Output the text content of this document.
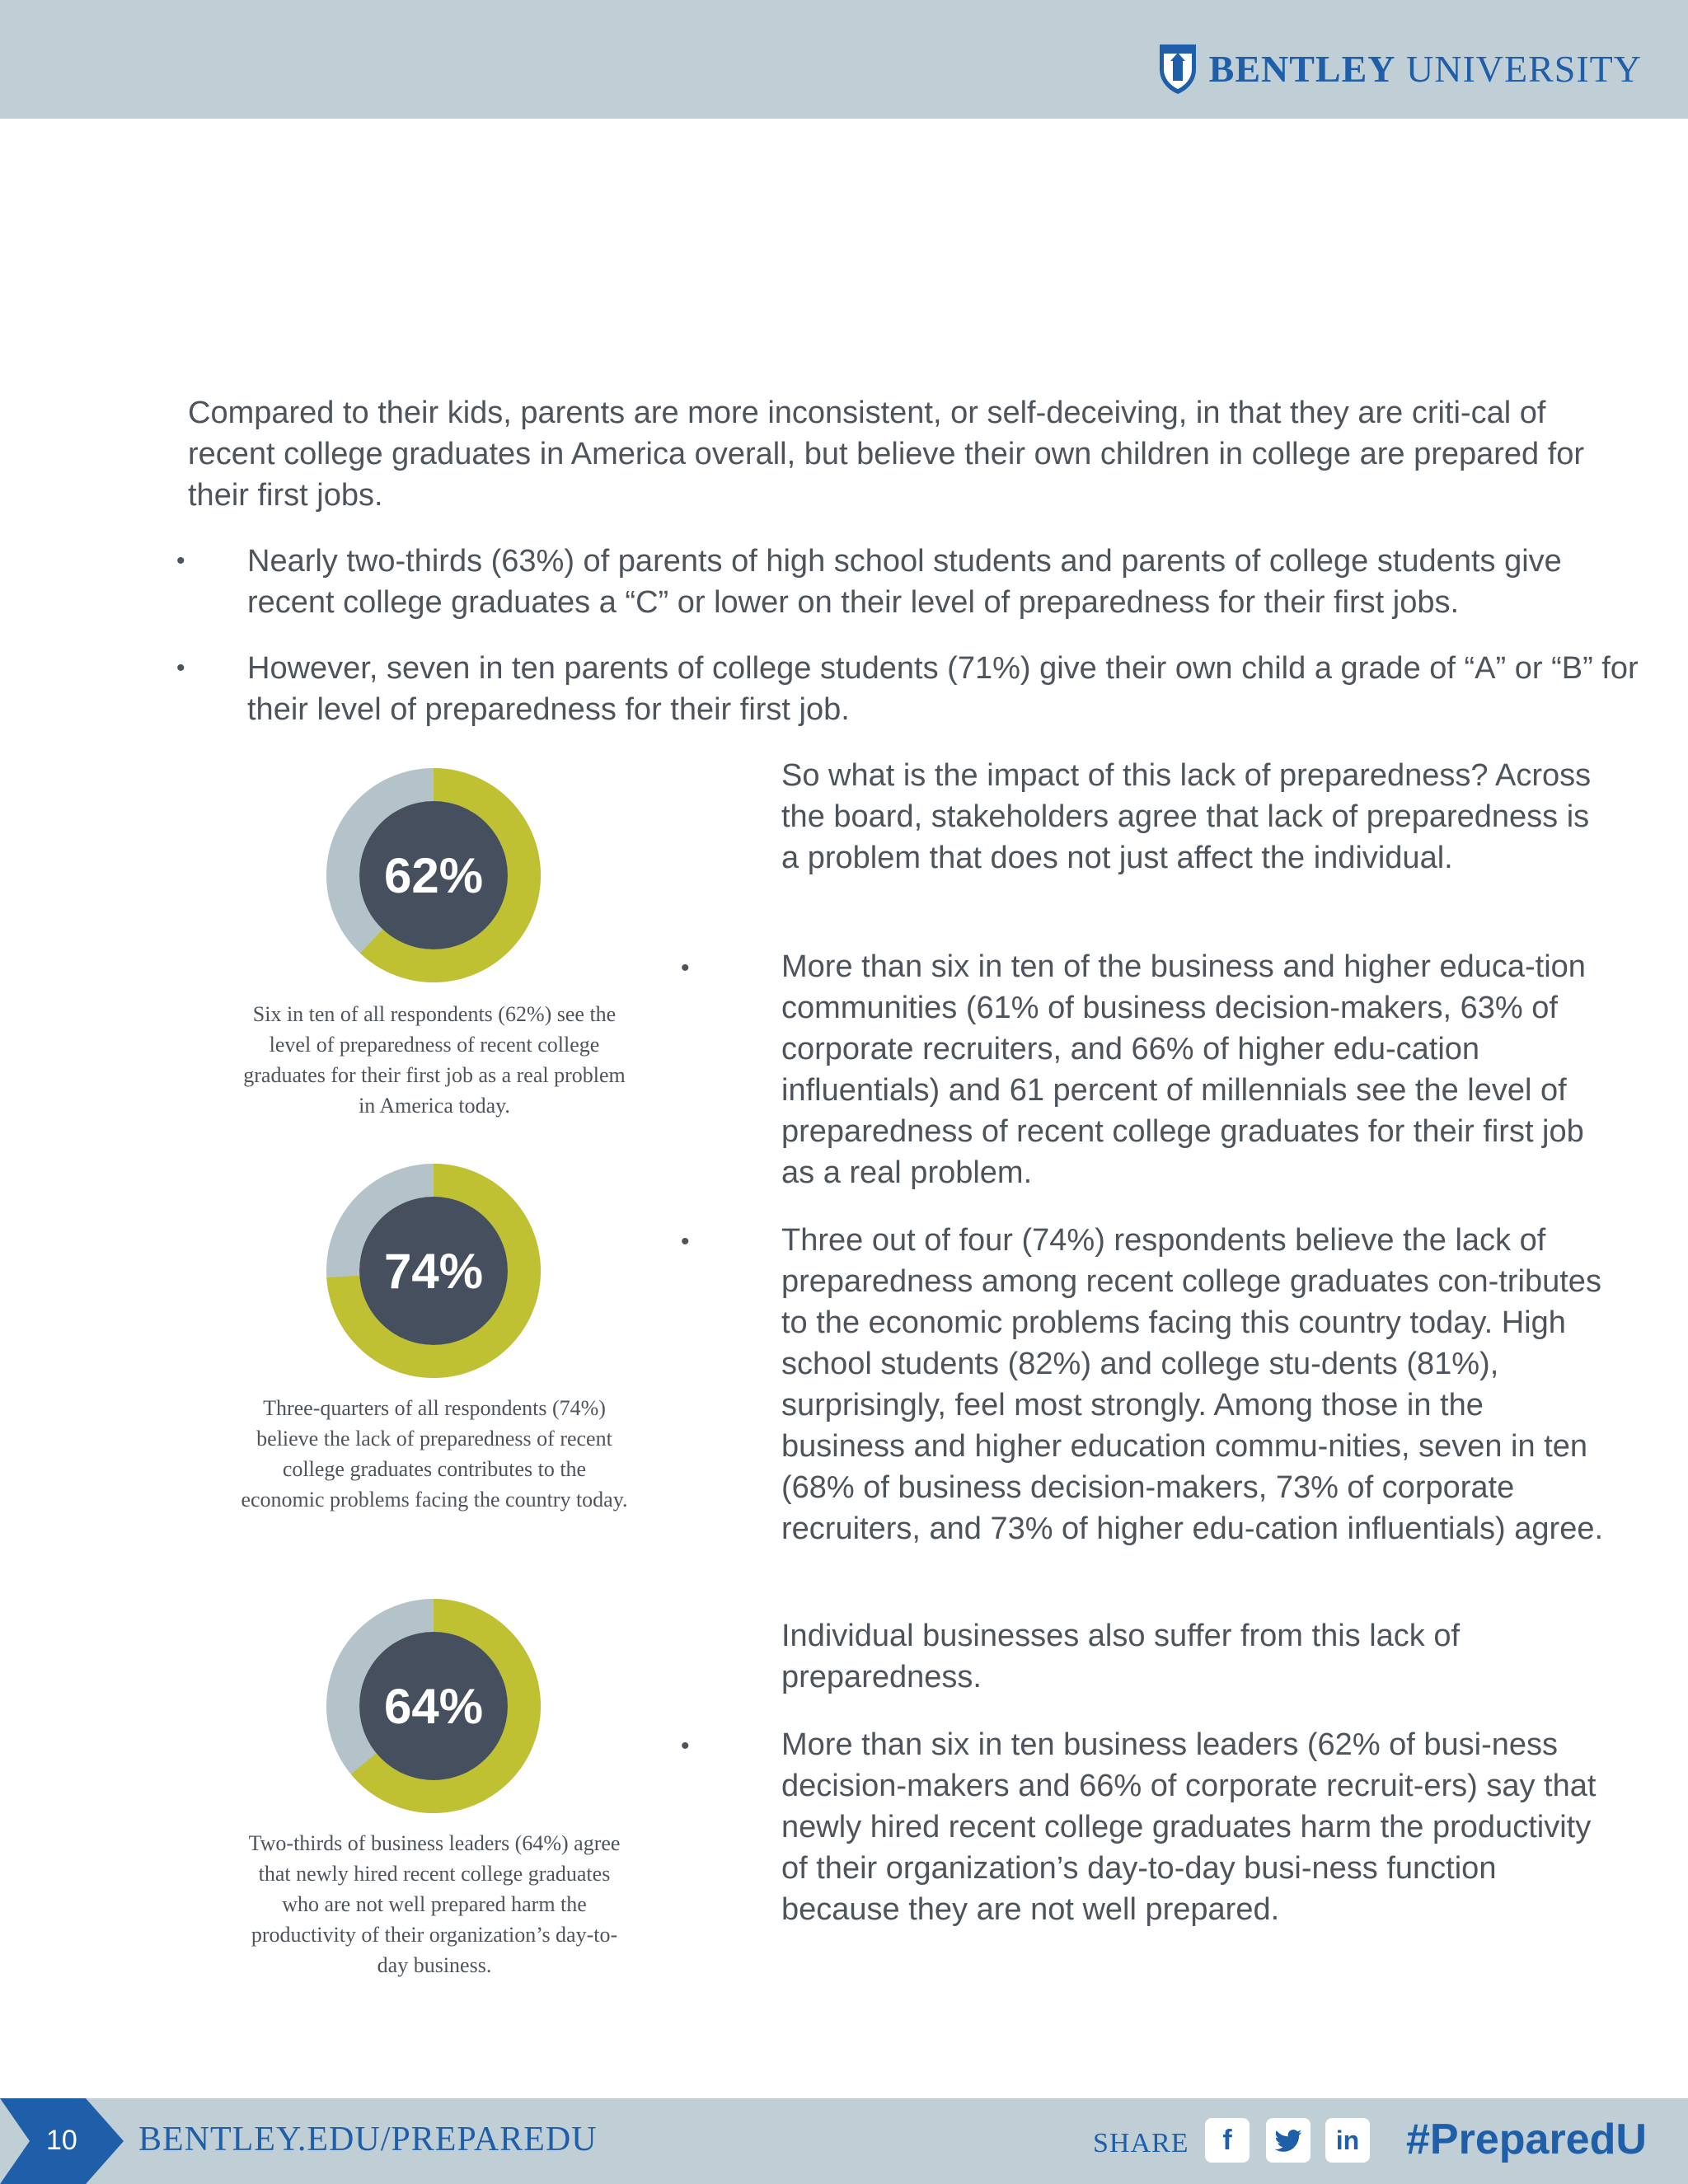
BENTLEY UNIVERSITY

Compared to their kids, parents are more inconsistent, or self-deceiving, in that they are criti-cal of recent college graduates in America overall, but believe their own children in college are prepared for their first jobs.

• Nearly two-thirds (63%) of parents of high school students and parents of college students give recent college graduates a “C” or lower on their level of preparedness for their first jobs.
• However, seven in ten parents of college students (71%) give their own child a grade of “A” or “B” for their level of preparedness for their first job.
62%
Six in ten of all respondents (62%) see the level of preparedness of recent college graduates for their first job as a real problem in America today.
74%
Three-quarters of all respondents (74%) believe the lack of preparedness of recent college graduates contributes to the economic problems facing the country today.
64%
Two-thirds of business leaders (64%) agree that newly hired recent college graduates who are not well prepared harm the productivity of their organization’s day-to-day business.
So what is the impact of this lack of preparedness? Across the board, stakeholders agree that lack of preparedness is a problem that does not just affect the individual.
•	More than six in ten of the business and higher educa-tion communities (61% of business decision-makers, 63% of corporate recruiters, and 66% of higher edu-cation influentials) and 61 percent of millennials see the level of preparedness of recent college graduates for their first job as a real problem.
•	Three out of four (74%) respondents believe the lack of preparedness among recent college graduates con-tributes to the economic problems facing this country today. High school students (82%) and college stu-dents (81%), surprisingly, feel most strongly. Among those in the business and higher education commu-nities, seven in ten (68% of business decision-makers, 73% of corporate recruiters, and 73% of higher edu-cation influentials) agree.
Individual businesses also suffer from this lack of preparedness.
•	More than six in ten business leaders (62% of busi-ness decision-makers and 66% of corporate recruit-ers) say that newly hired recent college graduates harm the productivity of their organization’s day-to-day busi-ness function because they are not well prepared.
10 BENTLEY.EDU/PREPAREDU	SHARE	f	in #PreparedU
